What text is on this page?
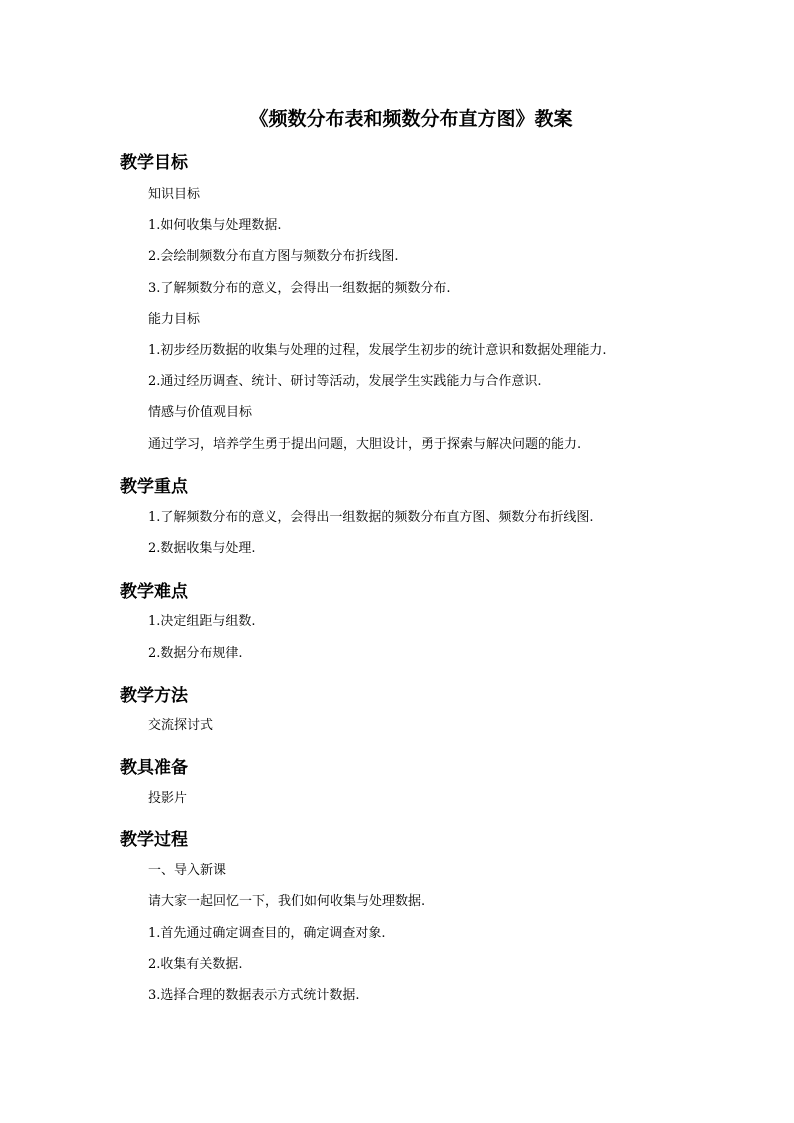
《频数分布表和频数分布直方图》教案
教学目标
知识目标
1.如何收集与处理数据.
2.会绘制频数分布直方图与频数分布折线图.
3.了解频数分布的意义，会得出一组数据的频数分布.
能力目标
1.初步经历数据的收集与处理的过程，发展学生初步的统计意识和数据处理能力.
2.通过经历调查、统计、研讨等活动，发展学生实践能力与合作意识.
情感与价值观目标
通过学习，培养学生勇于提出问题，大胆设计，勇于探索与解决问题的能力.
教学重点
1.了解频数分布的意义，会得出一组数据的频数分布直方图、频数分布折线图.
2.数据收集与处理.
教学难点
1.决定组距与组数.
2.数据分布规律.
教学方法
交流探讨式
教具准备
投影片
教学过程
一、导入新课
请大家一起回忆一下，我们如何收集与处理数据.
1.首先通过确定调查目的，确定调查对象.
2.收集有关数据.
3.选择合理的数据表示方式统计数据.
